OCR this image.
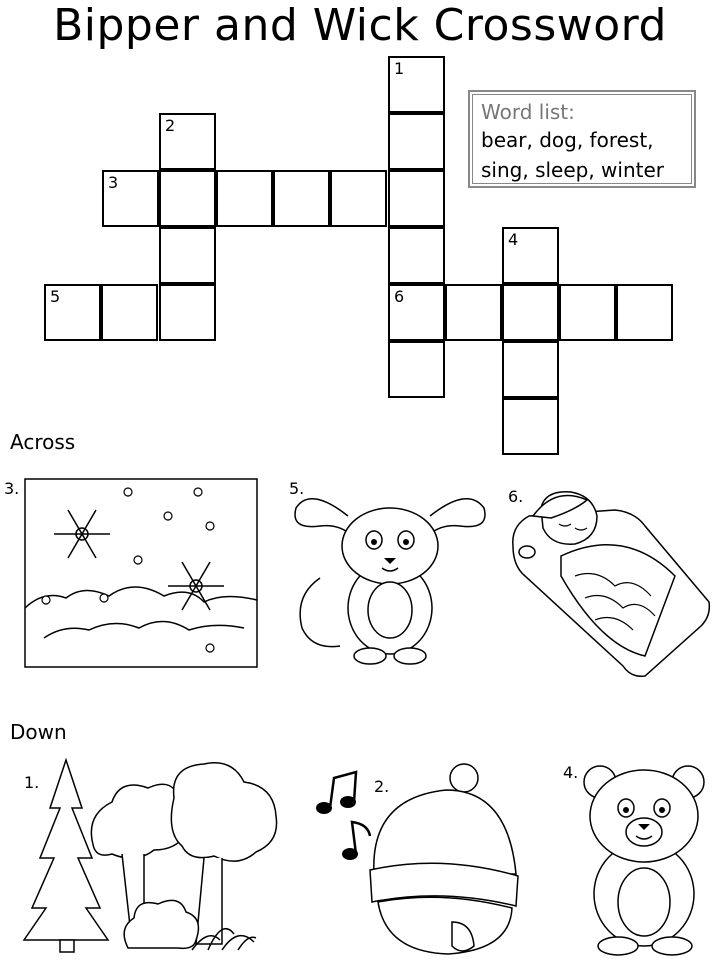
Bipper and Wick Crossword
1
6
2
3
5
4
Word list:
bear, dog, forest,
sing, sleep, winter
Across
3.	5.	6.
Down
1.	2.
4.
